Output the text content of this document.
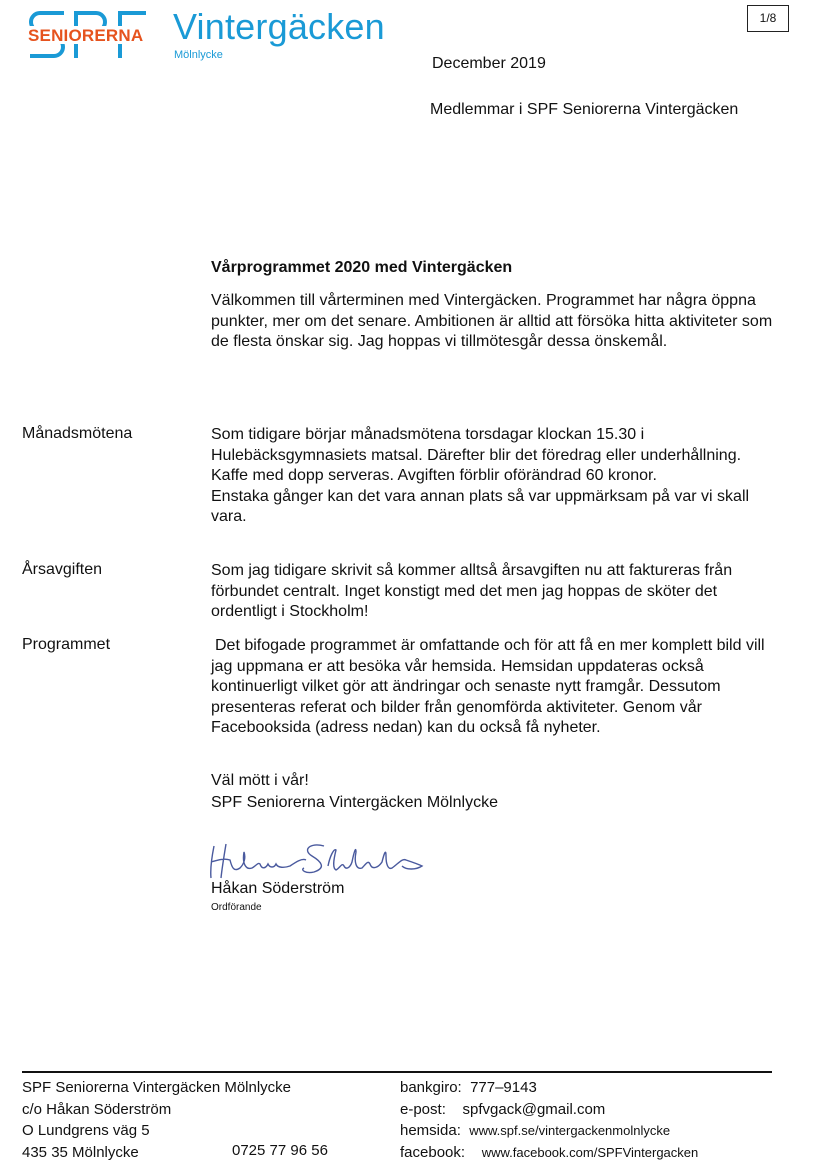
SENIORERNA Vintergäcken
Mölnlycke
1/8
December 2019
Medlemmar i SPF Seniorerna Vintergäcken
Vårprogrammet 2020 med Vintergäcken
Välkommen till vårterminen med Vintergäcken. Programmet har några öppna punkter, mer om det senare. Ambitionen är alltid att försöka hitta aktiviteter som de flesta önskar sig. Jag hoppas vi tillmötesgår dessa önskemål.
Månadsmötena	Som tidigare börjar månadsmötena torsdagar klockan 15.30 i Hulebäcksgymnasiets matsal. Därefter blir det föredrag eller underhållning. Kaffe med dopp serveras. Avgiften förblir oförändrad 60 kronor.
Enstaka gånger kan det vara annan plats så var uppmärksam på var vi skall vara.
Årsavgiften	Som jag tidigare skrivit så kommer alltså årsavgiften nu att faktureras från förbundet centralt. Inget konstigt med det men jag hoppas de sköter det ordentligt i Stockholm!
Programmet	Det bifogade programmet är omfattande och för att få en mer komplett bild vill jag uppmana er att besöka vår hemsida. Hemsidan uppdateras också kontinuerligt vilket gör att ändringar och senaste nytt framgår. Dessutom presenteras referat och bilder från genomförda aktiviteter. Genom vår Facebooksida (adress nedan) kan du också få nyheter.
Väl mött i vår!
SPF Seniorerna Vintergäcken Mölnlycke
Håkan Söderström
Ordförande
SPF Seniorerna Vintergäcken Mölnlycke
c/o Håkan Söderström
O Lundgrens väg 5
435 35 Mölnlycke	0725 77 96 56
bankgiro: 777–9143
e-post: spfvgack@gmail.com
hemsida: www.spf.se/vintergackenmolnlycke
facebook: www.facebook.com/SPFVintergacken
